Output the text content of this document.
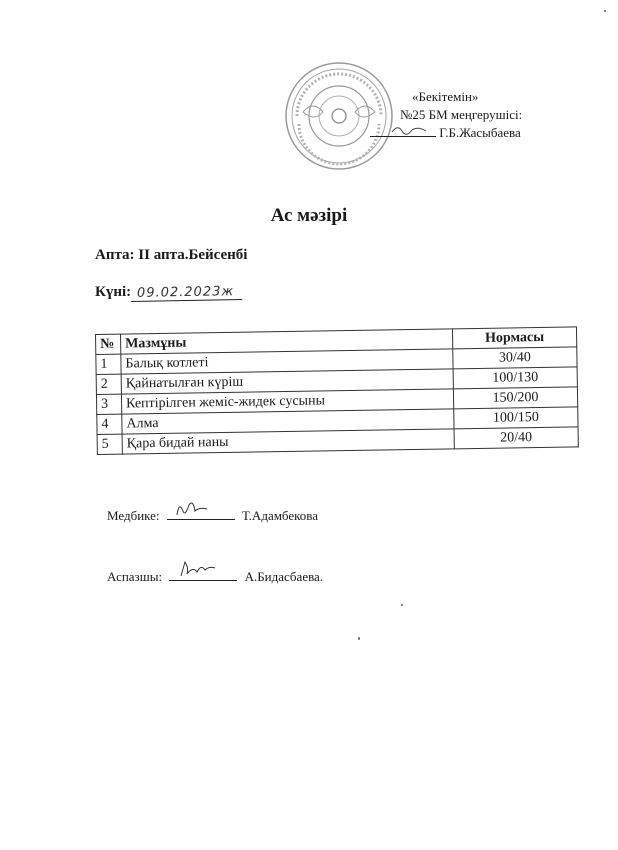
«Бекітемін»
№25 БМ меңгерушісі:
Г.Б.Жасыбаева
Ас мәзірі
Апта: ІІ апта.Бейсенбі
Күні: 09.02.2023ж
№	Мазмұны	Нормасы
1	Балық котлеті	30/40
2	Қайнатылған күріш	100/130
3	Кептірілген жеміс-жидек сусыны	150/200
4	Алма	100/150
5	Қара бидай наны	20/40
Медбике:	Т.Адамбекова
Аспазшы:	А.Бидасбаева.
